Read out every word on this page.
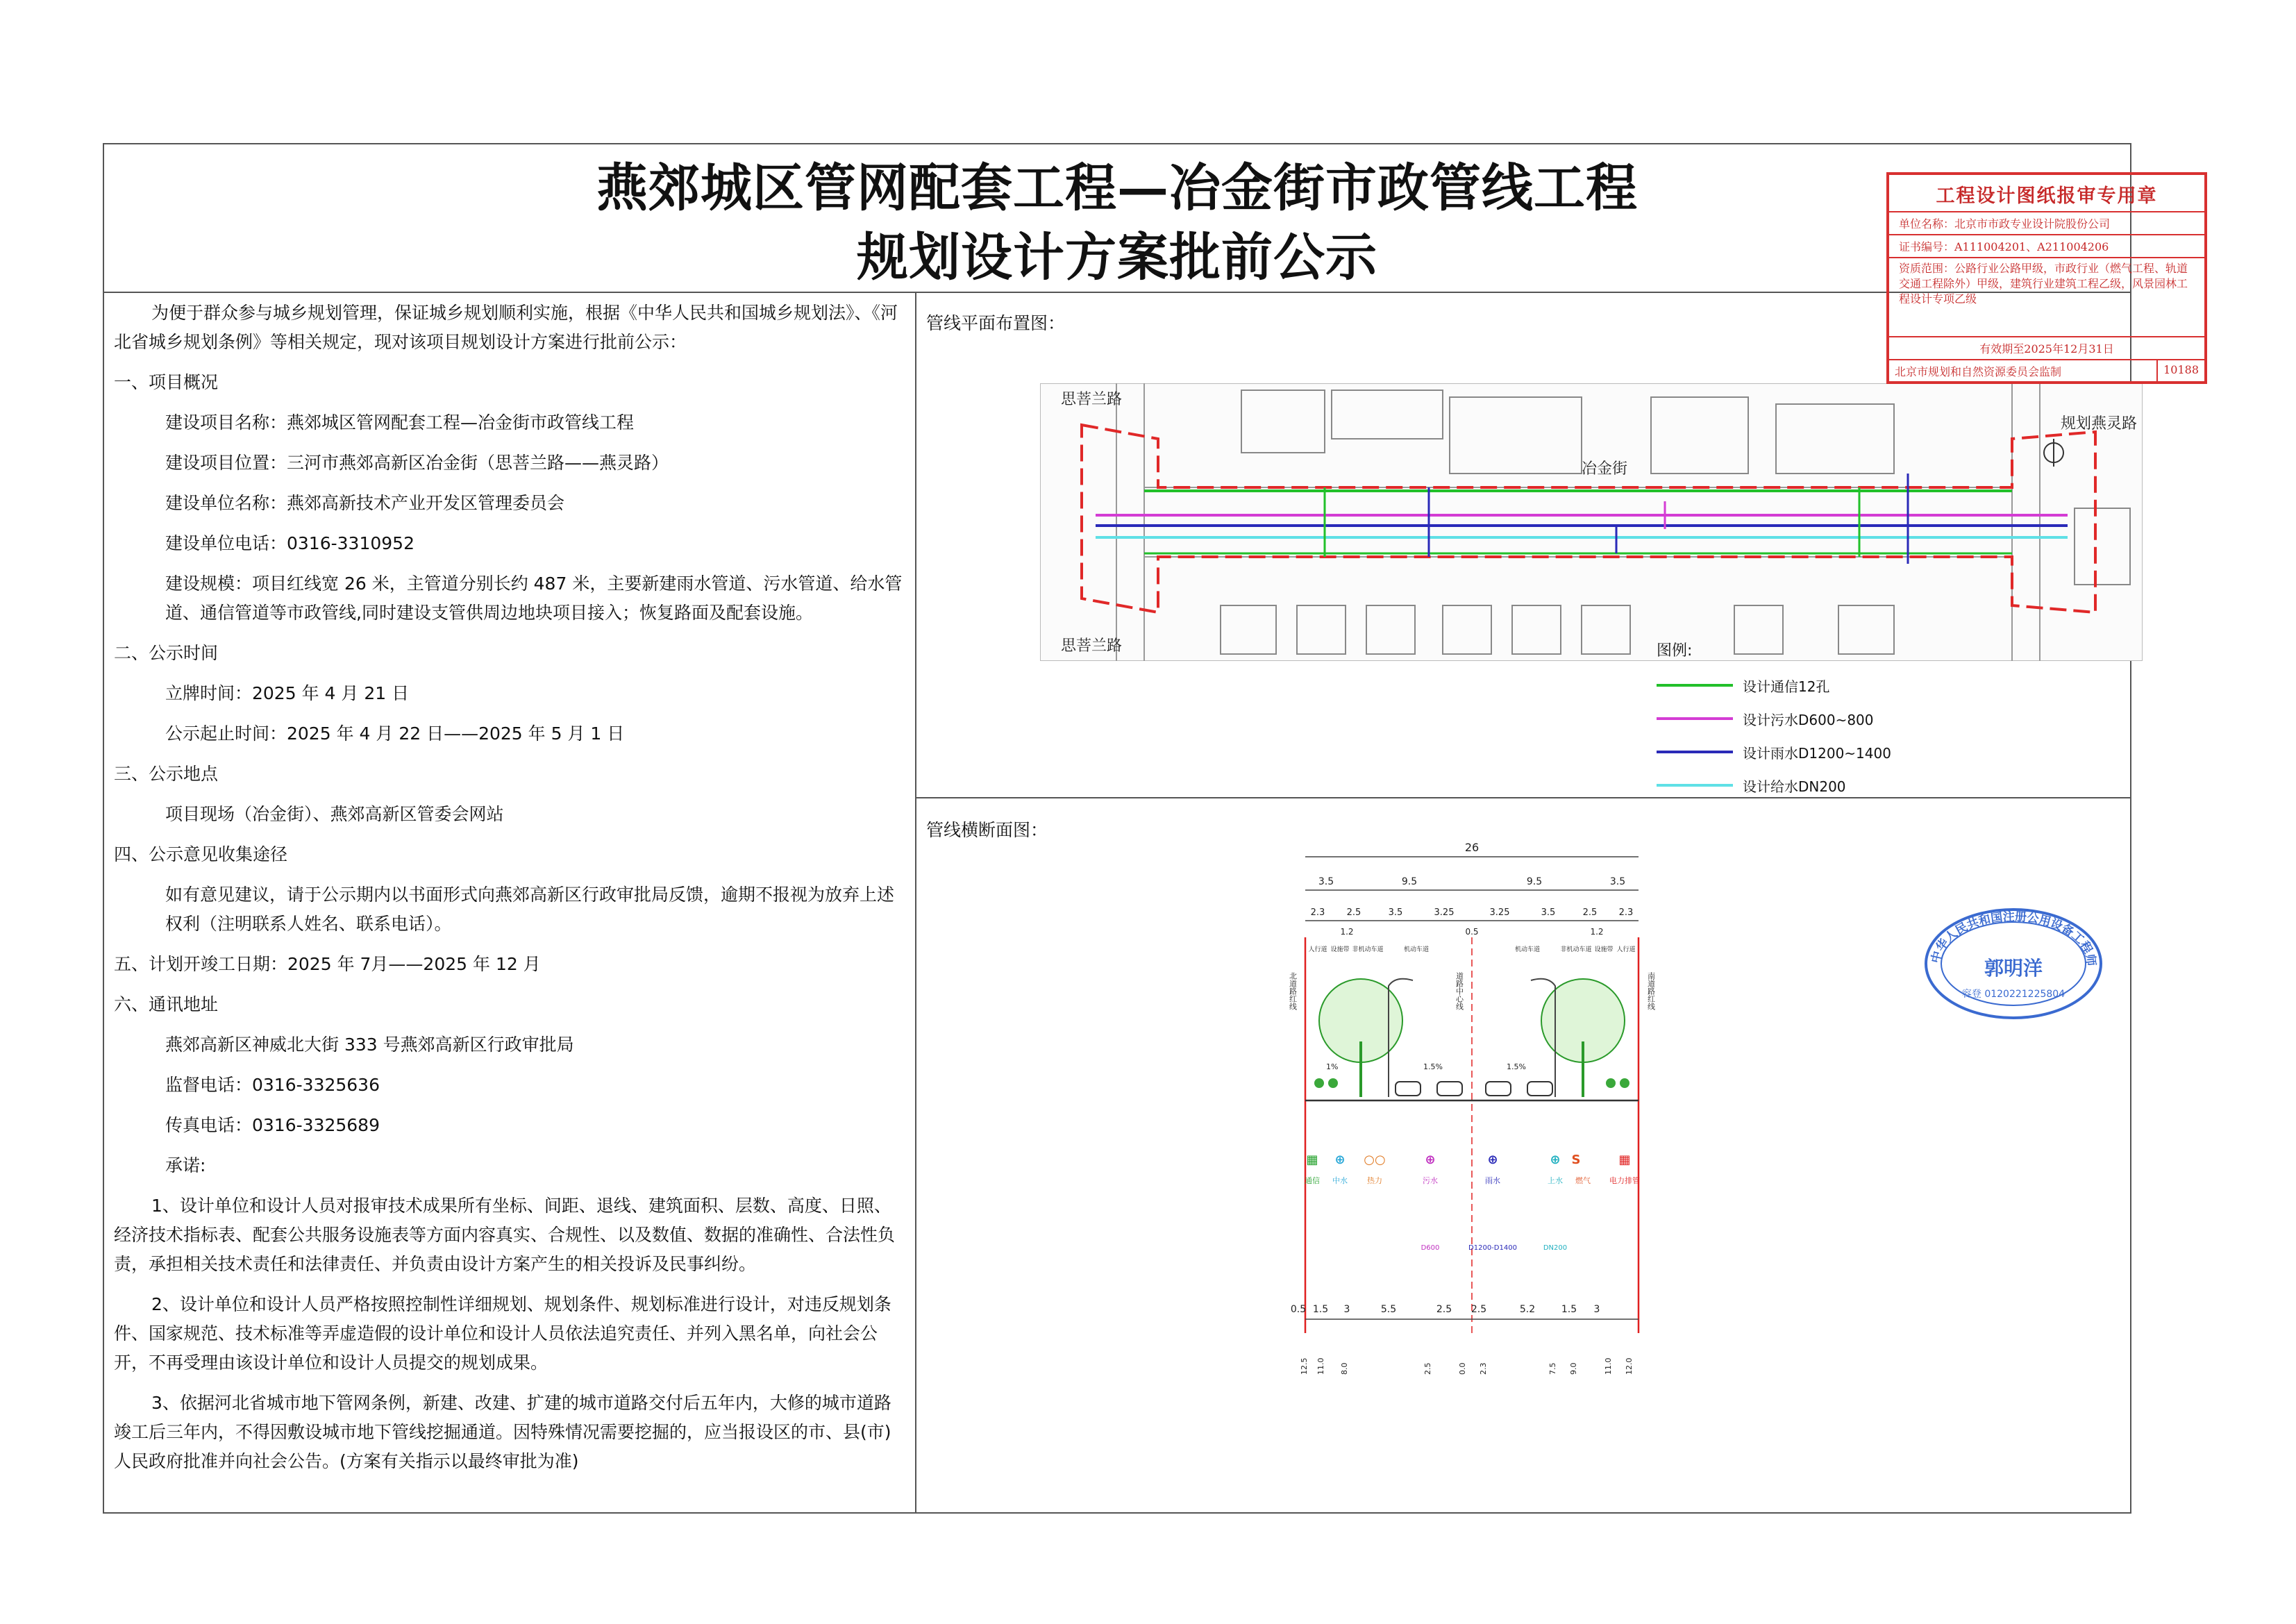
燕郊城区管网配套工程—冶金街市政管线工程
规划设计方案批前公示

为便于群众参与城乡规划管理，保证城乡规划顺利实施，根据《中华人民共和国城乡规划法》、《河北省城乡规划条例》等相关规定，现对该项目规划设计方案进行批前公示：

一、项目概况

建设项目名称：燕郊城区管网配套工程—冶金街市政管线工程

建设项目位置：三河市燕郊高新区冶金街（思菩兰路——燕灵路）

建设单位名称：燕郊高新技术产业开发区管理委员会

建设单位电话：0316-3310952

建设规模：项目红线宽 26 米，主管道分别长约 487 米，主要新建雨水管道、污水管道、给水管道、通信管道等市政管线,同时建设支管供周边地块项目接入；恢复路面及配套设施。

二、公示时间

立牌时间：2025 年 4 月 21 日

公示起止时间：2025 年 4 月 22 日——2025 年 5 月 1 日

三、公示地点

项目现场（冶金街）、燕郊高新区管委会网站

四、公示意见收集途径

如有意见建议，请于公示期内以书面形式向燕郊高新区行政审批局反馈，逾期不报视为放弃上述权利（注明联系人姓名、联系电话）。

五、计划开竣工日期：2025 年 7月——2025 年 12 月

六、通讯地址

燕郊高新区神威北大街 333 号燕郊高新区行政审批局

监督电话：0316-3325636

传真电话：0316-3325689

承诺:

1、设计单位和设计人员对报审技术成果所有坐标、间距、退线、建筑面积、层数、高度、日照、经济技术指标表、配套公共服务设施表等方面内容真实、合规性、以及数值、数据的准确性、合法性负责，承担相关技术责任和法律责任、并负责由设计方案产生的相关投诉及民事纠纷。

2、设计单位和设计人员严格按照控制性详细规划、规划条件、规划标准进行设计，对违反规划条件、国家规范、技术标准等弄虚造假的设计单位和设计人员依法追究责任、并列入黑名单，向社会公开，不再受理由该设计单位和设计人员提交的规划成果。

3、依据河北省城市地下管网条例，新建、改建、扩建的城市道路交付后五年内，大修的城市道路竣工后三年内，不得因敷设城市地下管线挖掘通道。因特殊情况需要挖掘的，应当报设区的市、县(市)人民政府批准并向社会公告。(方案有关指示以最终审批为准)

管线平面布置图：
冶金街
思菩兰路
思菩兰路
规划燕灵路
图例:
设计通信12孔
设计污水D600~800
设计雨水D1200~1400
设计给水DN200
管线横断面图：
26
3.5	9.5	9.5	3.5
2.3 2.5	3.5	3.25	3.25	3.5	2.5 2.3
1.2	0.5	1.2
人行道 设施带 非机动车道	机动车道	机动车道	非机动车道 设施带 人行道
1.5%	1.5%
1%
▦ ⊕ ○○	⊕	⊕	⊕ S	▦
通信 中水	热力	污水	雨水	上水 燃气 电力排管
D600	D1200-D1400	DN200
0.5 1.5 3	5.5	2.5 2.5	5.2	1.5 3
12.5 11.0 8.0	2.5	0.0 2.3	7.5 9.0	11.0 12.0
北道路红线	道路中心线	南道路红线
工程设计图纸报审专用章
单位名称：北京市市政专业设计院股份公司
证书编号：A111004201、A211004206
资质范围：公路行业公路甲级，市政行业（燃气工程、轨道交通工程除外）甲级，建筑行业建筑工程乙级，风景园林工程设计专项乙级
有效期至2025年12月31日
北京市规划和自然资源委员会监制	10188
中华人民共和国注册公用设备工程师
郭明洋
容登 0120221225804
